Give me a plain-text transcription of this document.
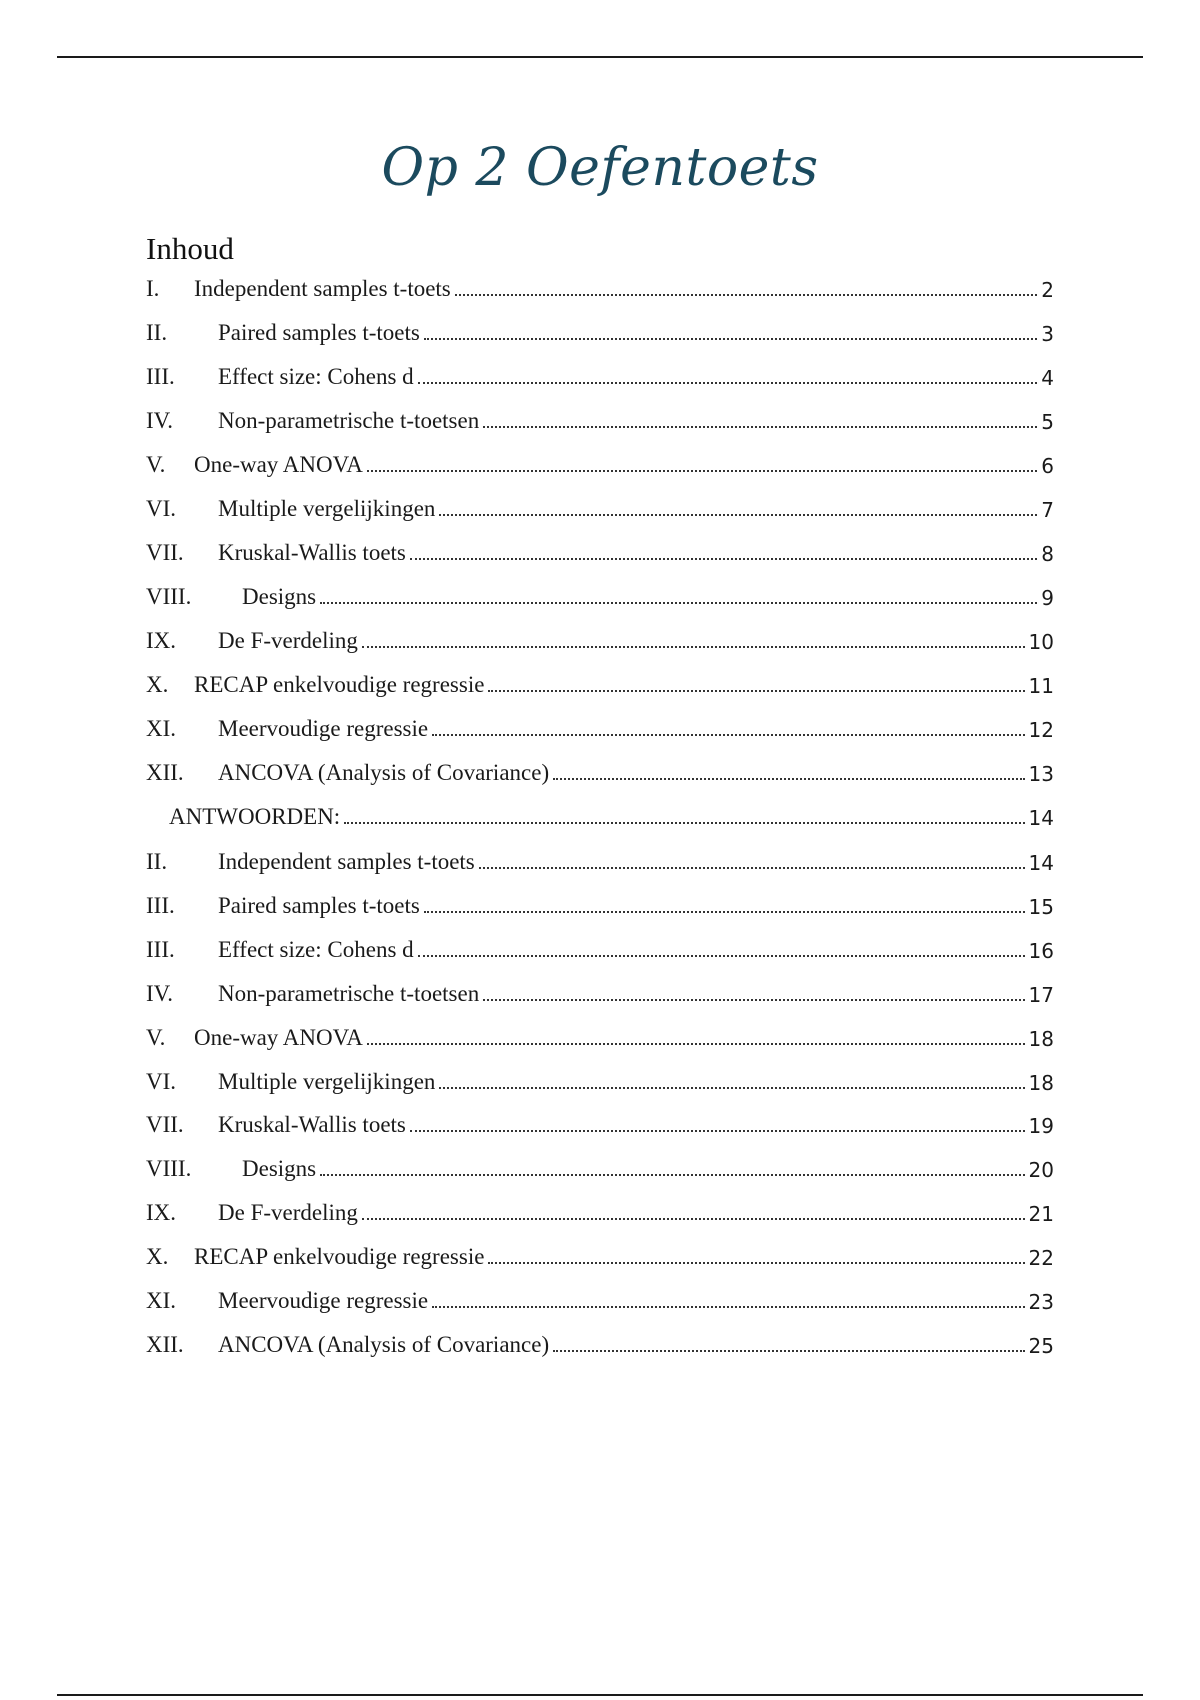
Op 2 Oefentoets
Inhoud
I.	Independent samples t-toets	2
II.	Paired samples t-toets	3
III.	Effect size: Cohens d	4
IV.	Non-parametrische t-toetsen	5
V.	One-way ANOVA	6
VI.	Multiple vergelijkingen	7
VII.	Kruskal-Wallis toets	8
VIII.	Designs	9
IX.	De F-verdeling	10
X.	RECAP enkelvoudige regressie	11
XI.	Meervoudige regressie	12
XII.	ANCOVA (Analysis of Covariance)	13
ANTWOORDEN:	14
II.	Independent samples t-toets	14
III.	Paired samples t-toets	15
III.	Effect size: Cohens d	16
IV.	Non-parametrische t-toetsen	17
V.	One-way ANOVA	18
VI.	Multiple vergelijkingen	18
VII.	Kruskal-Wallis toets	19
VIII.	Designs	20
IX.	De F-verdeling	21
X.	RECAP enkelvoudige regressie	22
XI.	Meervoudige regressie	23
XII.	ANCOVA (Analysis of Covariance)	25
